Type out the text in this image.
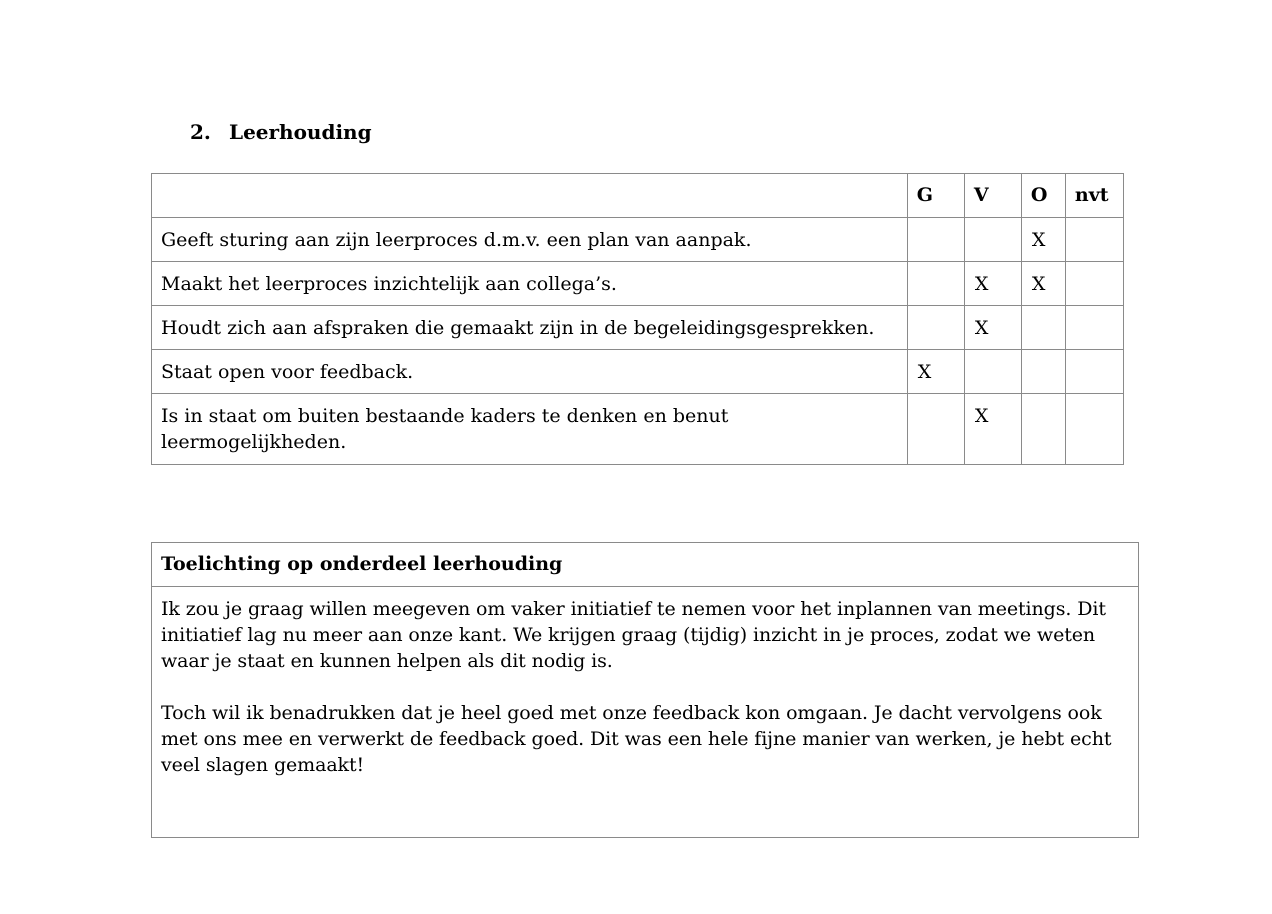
2. Leerhouding
	G	V	O	nvt
Geeft sturing aan zijn leerproces d.m.v. een plan van aanpak.			X	
Maakt het leerproces inzichtelijk aan collega’s.		X	X	
Houdt zich aan afspraken die gemaakt zijn in de begeleidingsgesprekken.		X		
Staat open voor feedback.	X			
Is in staat om buiten bestaande kaders te denken en benut leermogelijkheden.		X		
Toelichting op onderdeel leerhouding

Ik zou je graag willen meegeven om vaker initiatief te nemen voor het inplannen van meetings. Dit initiatief lag nu meer aan onze kant. We krijgen graag (tijdig) inzicht in je proces, zodat we weten waar je staat en kunnen helpen als dit nodig is.

Toch wil ik benadrukken dat je heel goed met onze feedback kon omgaan. Je dacht vervolgens ook met ons mee en verwerkt de feedback goed. Dit was een hele fijne manier van werken, je hebt echt veel slagen gemaakt!
